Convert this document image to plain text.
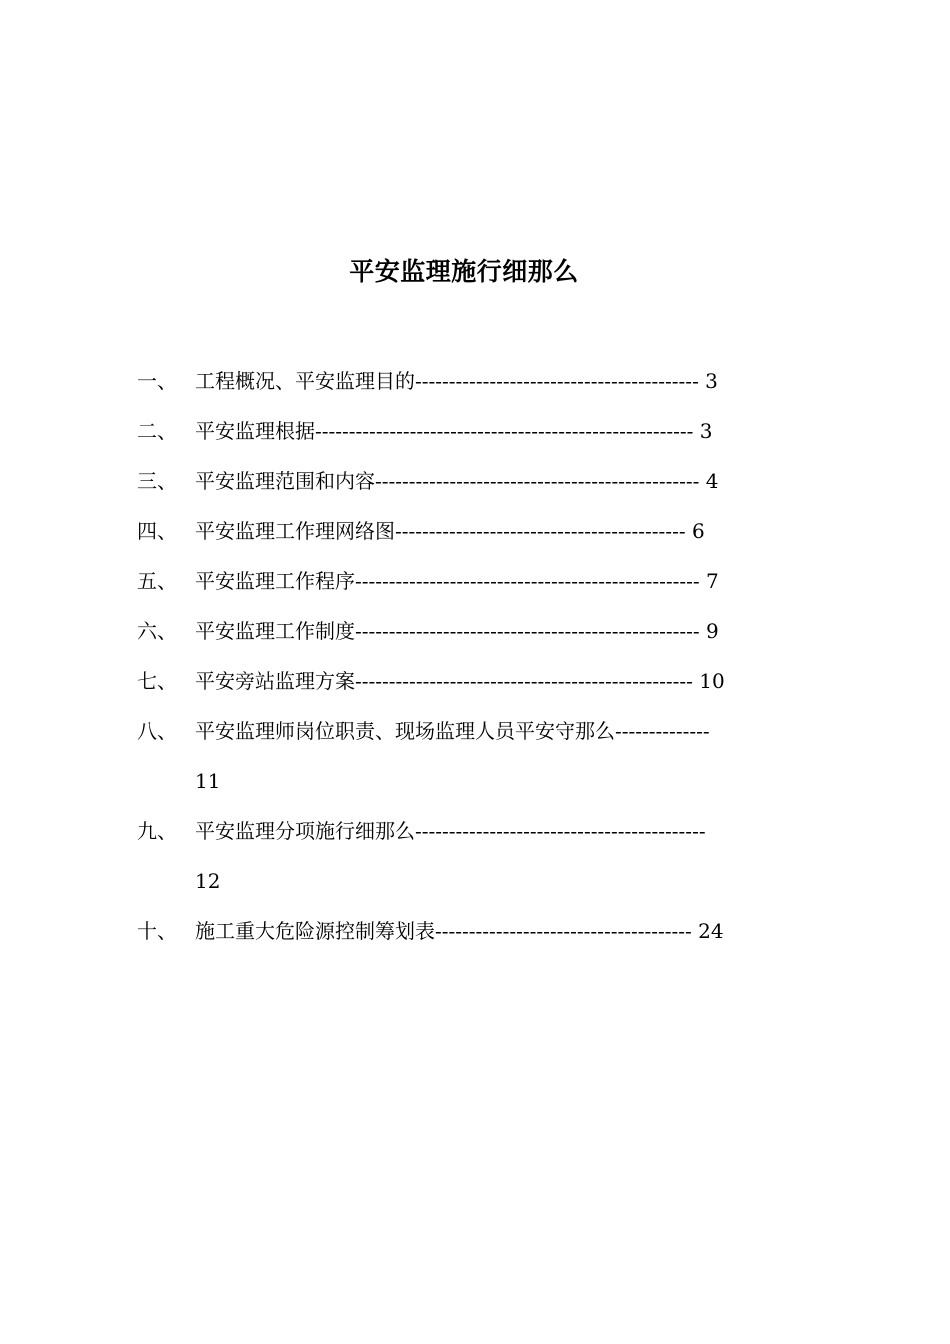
平安监理施行细那么
一、 工程概况、平安监理目的------------------------------------------ 3
二、 平安监理根据-------------------------------------------------------- 3
三、 平安监理范围和内容------------------------------------------------ 4
四、 平安监理工作理网络图------------------------------------------- 6
五、 平安监理工作程序--------------------------------------------------- 7
六、 平安监理工作制度--------------------------------------------------- 9
七、 平安旁站监理方案-------------------------------------------------- 10
八、 平安监理师岗位职责、现场监理人员平安守那么--------------
11
九、 平安监理分项施行细那么-------------------------------------------
12
十、 施工重大危险源控制筹划表-------------------------------------- 24
